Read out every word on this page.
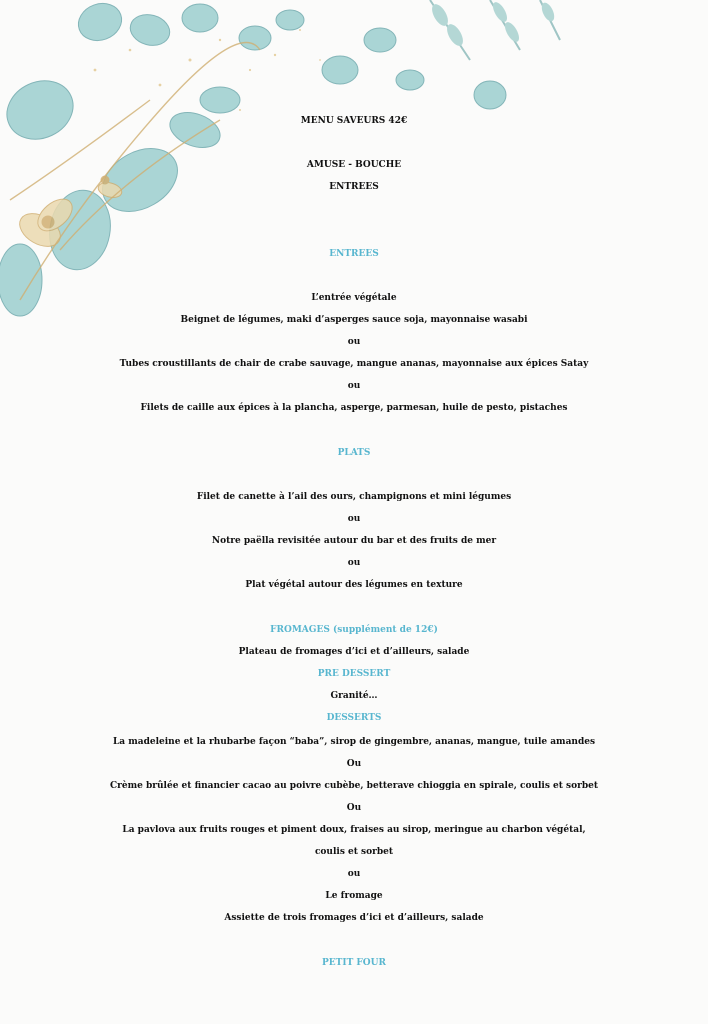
MENU SAVEURS 42€
AMUSE - BOUCHE
ENTREES
ENTREES
L’entrée végétale
Beignet de légumes, maki d’asperges sauce soja, mayonnaise wasabi
ou
Tubes croustillants de chair de crabe sauvage, mangue ananas, mayonnaise aux épices Satay
ou
Filets de caille aux épices à la plancha, asperge, parmesan, huile de pesto, pistaches
PLATS
Filet de canette à l’ail des ours, champignons et mini légumes
ou
Notre paëlla revisitée autour du bar et des fruits de mer
ou
Plat végétal autour des légumes en texture
FROMAGES (supplément de 12€)
Plateau de fromages d’ici et d’ailleurs, salade
PRE DESSERT
Granité…
DESSERTS
La madeleine et la rhubarbe façon “baba”, sirop de gingembre, ananas, mangue, tuile amandes
Ou
Crème brûlée et financier cacao au poivre cubèbe, betterave chioggia en spirale, coulis et sorbet
Ou
La pavlova aux fruits rouges et piment doux, fraises au sirop, meringue au charbon végétal,
coulis et sorbet
ou
Le fromage
Assiette de trois fromages d’ici et d’ailleurs, salade
PETIT FOUR
